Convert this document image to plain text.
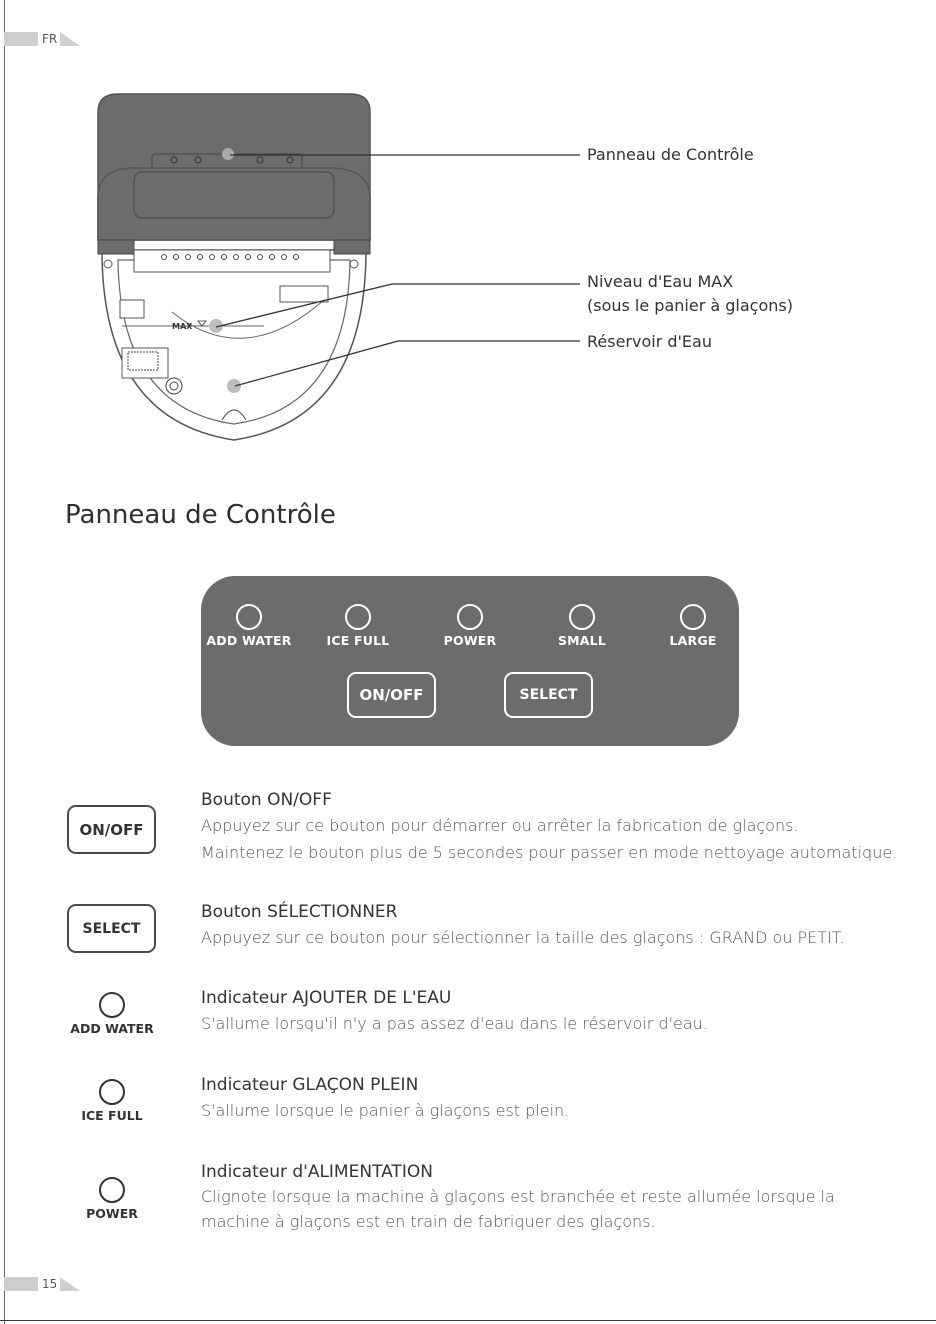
FR
MAX
Panneau de Contrôle
Niveau d'Eau MAX
(sous le panier à glaçons)
Réservoir d'Eau
Panneau de Contrôle
ADD WATER	ICE FULL	POWER	SMALL	LARGE
ON/OFF	SELECT
ON/OFF
SELECT
ADD WATER
ICE FULL
POWER
Bouton ON/OFF
Appuyez sur ce bouton pour démarrer ou arrêter la fabrication de glaçons.
Maintenez le bouton plus de 5 secondes pour passer en mode nettoyage automatique.
Bouton SÉLECTIONNER
Appuyez sur ce bouton pour sélectionner la taille des glaçons : GRAND ou PETIT.
Indicateur AJOUTER DE L'EAU
S'allume lorsqu'il n'y a pas assez d'eau dans le réservoir d'eau.
Indicateur GLAÇON PLEIN
S'allume lorsque le panier à glaçons est plein.
Indicateur d'ALIMENTATION
Clignote lorsque la machine à glaçons est branchée et reste allumée lorsque la
machine à glaçons est en train de fabriquer des glaçons.
15
